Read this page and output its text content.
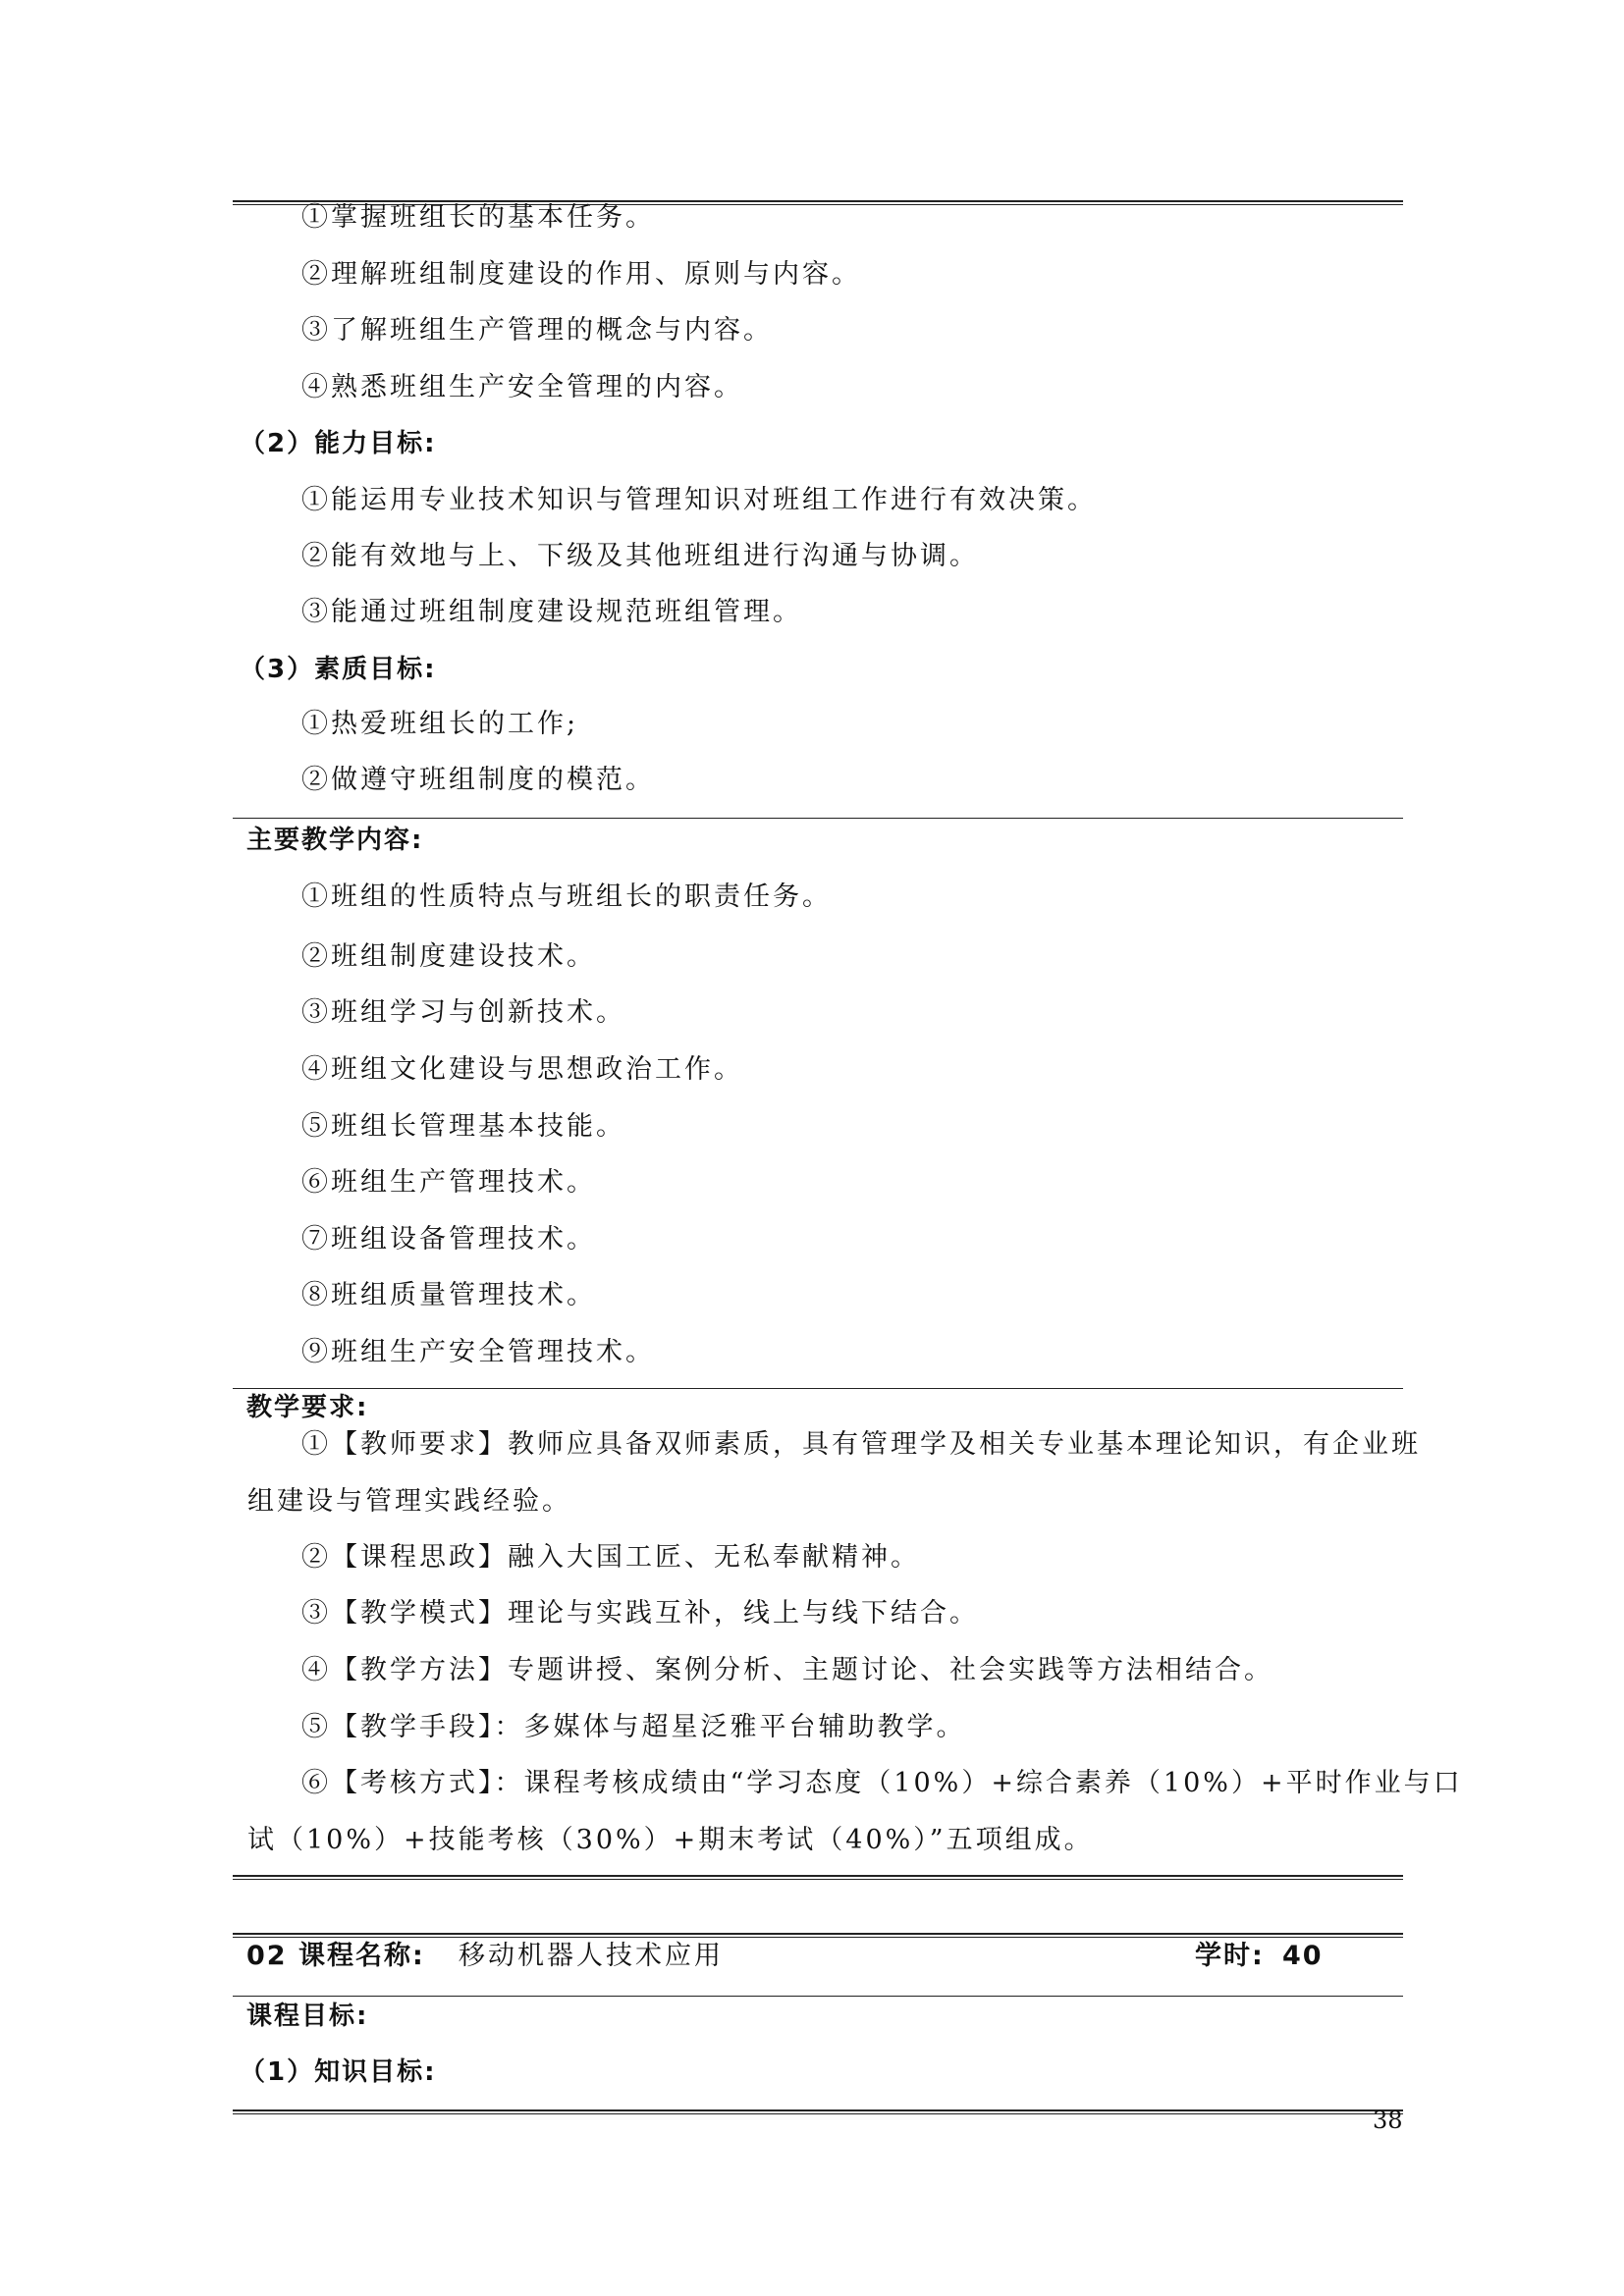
①掌握班组长的基本任务。
②理解班组制度建设的作用、原则与内容。
③了解班组生产管理的概念与内容。
④熟悉班组生产安全管理的内容。
（2）能力目标:
①能运用专业技术知识与管理知识对班组工作进行有效决策。
②能有效地与上、下级及其他班组进行沟通与协调。
③能通过班组制度建设规范班组管理。
（3）素质目标:
①热爱班组长的工作;
②做遵守班组制度的模范。
主要教学内容:
①班组的性质特点与班组长的职责任务。
②班组制度建设技术。
③班组学习与创新技术。
④班组文化建设与思想政治工作。
⑤班组长管理基本技能。
⑥班组生产管理技术。
⑦班组设备管理技术。
⑧班组质量管理技术。
⑨班组生产安全管理技术。
教学要求:
①【教师要求】教师应具备双师素质，具有管理学及相关专业基本理论知识，有企业班
组建设与管理实践经验。
②【课程思政】融入大国工匠、无私奉献精神。
③【教学模式】理论与实践互补，线上与线下结合。
④【教学方法】专题讲授、案例分析、主题讨论、社会实践等方法相结合。
⑤【教学手段】：多媒体与超星泛雅平台辅助教学。
⑥【考核方式】：课程考核成绩由“学习态度（10%）+综合素养（10%）+平时作业与口
试（10%）+技能考核（30%）+期末考试（40%）”五项组成。
02 课程名称: 移动机器人技术应用	学时: 40
课程目标:
（1）知识目标:
38
